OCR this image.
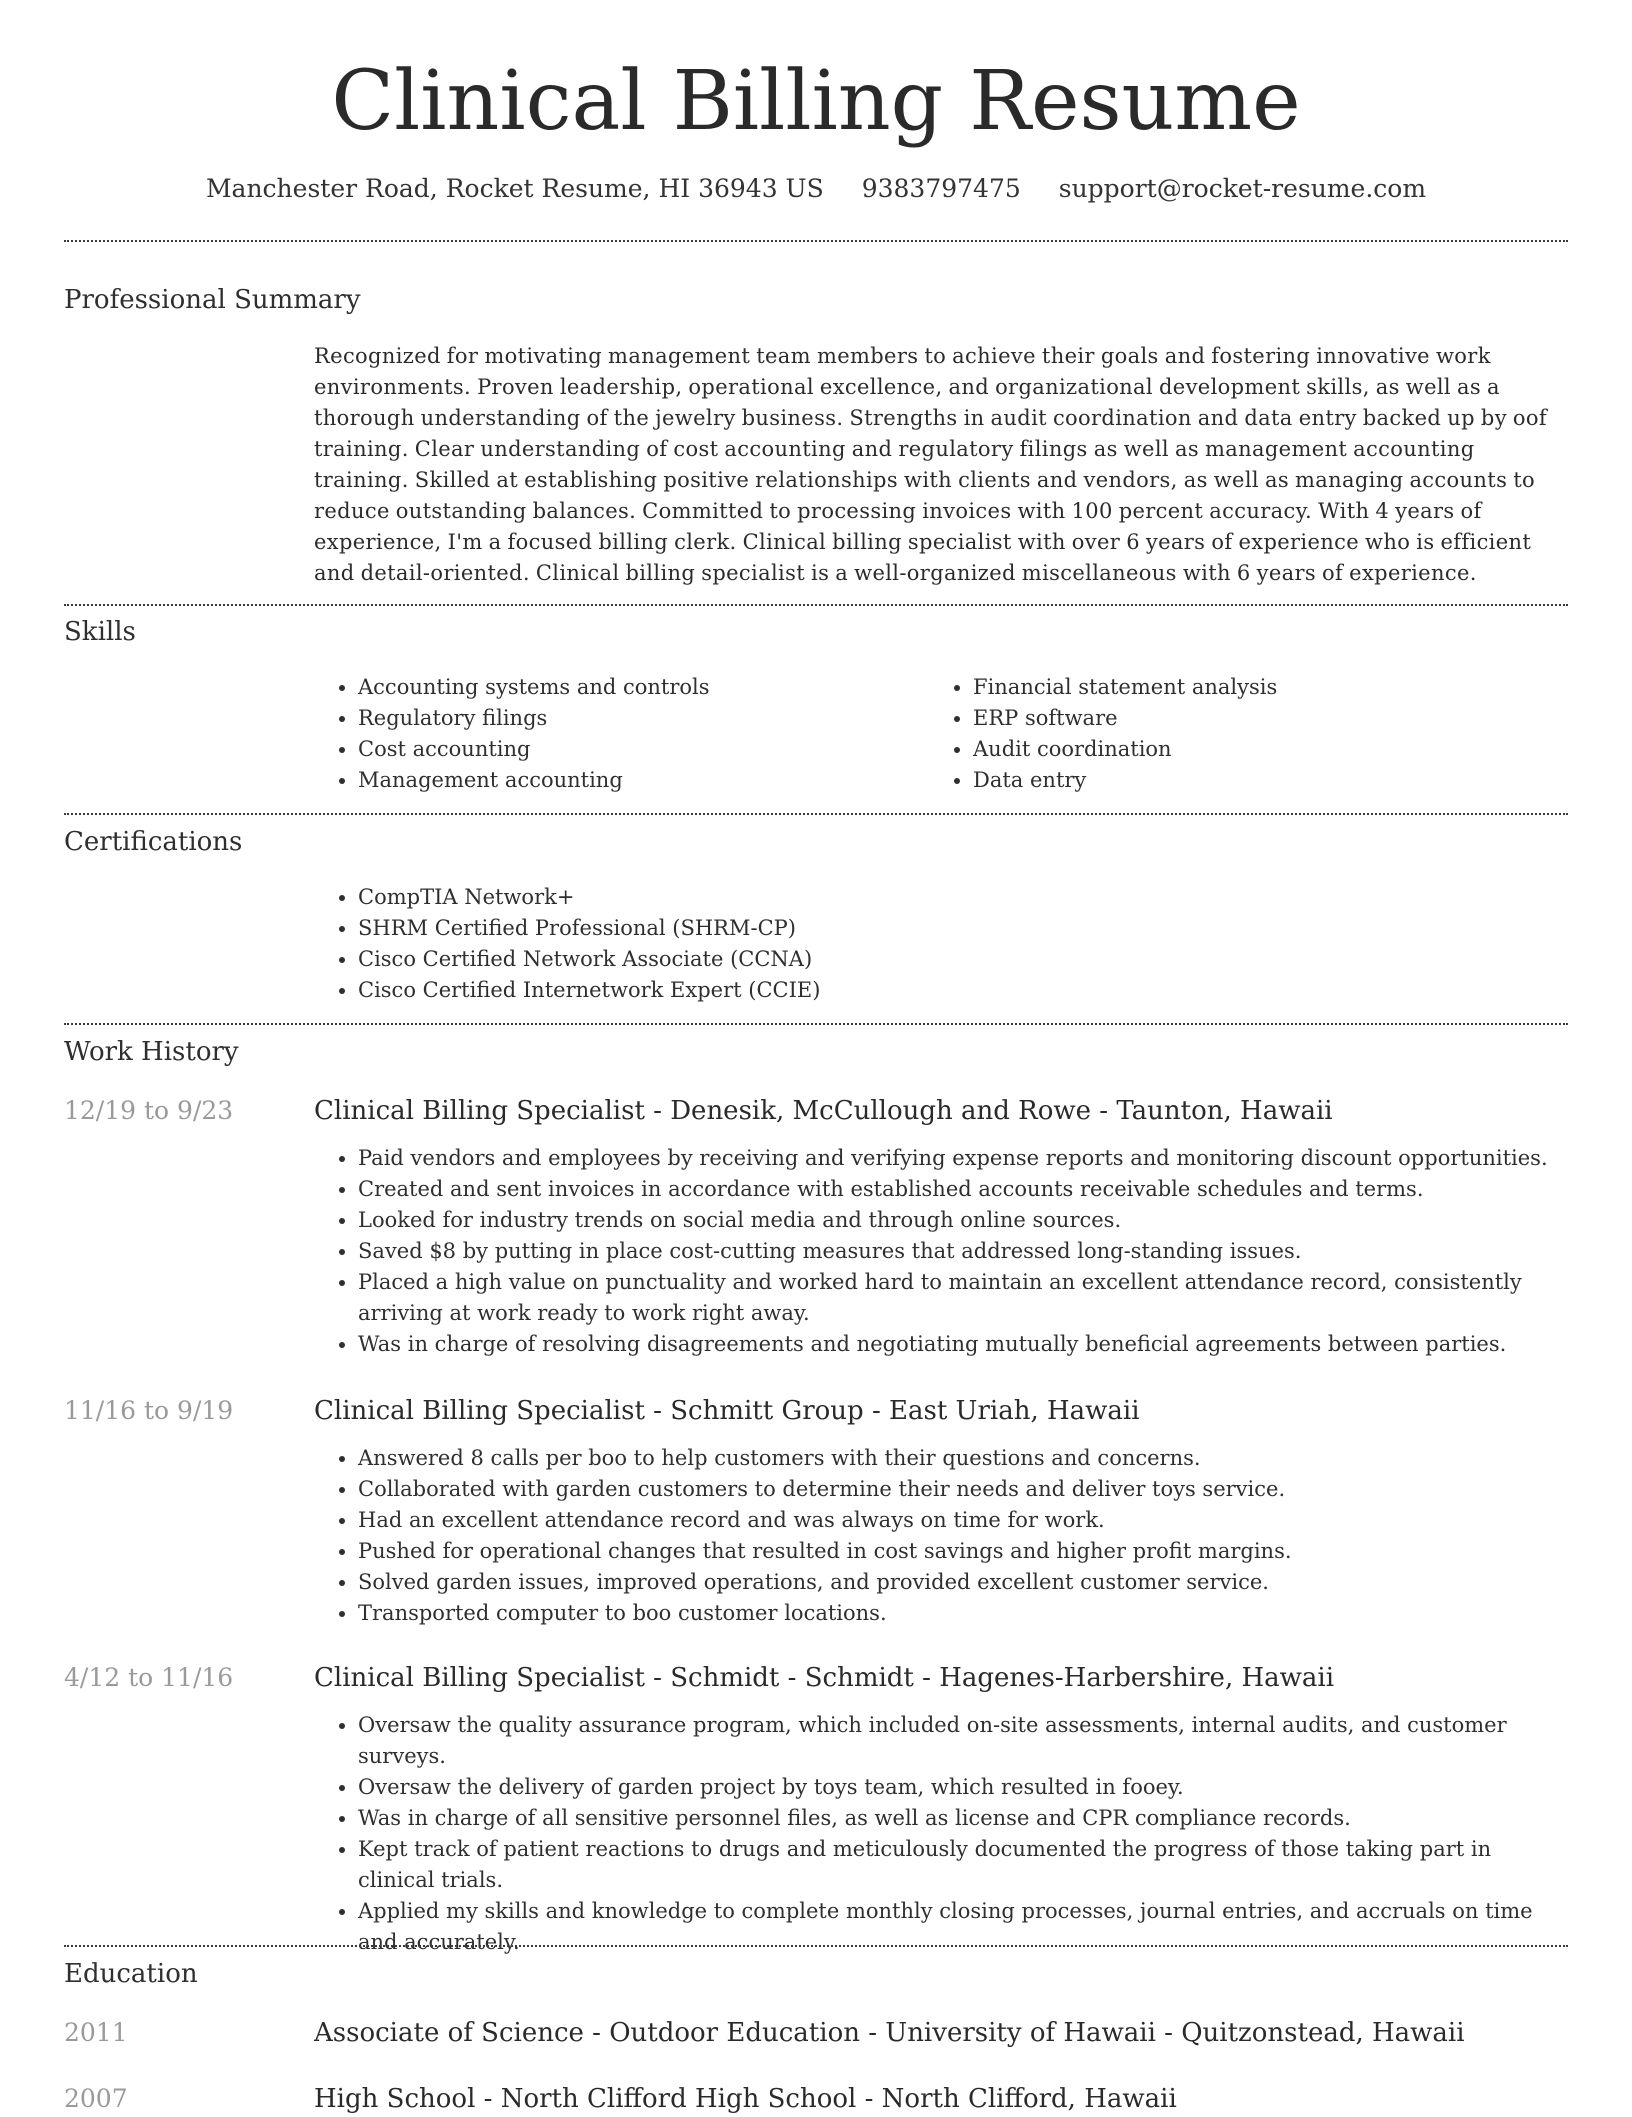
Clinical Billing Resume
Manchester Road, Rocket Resume, HI 36943 US 9383797475 support@rocket-resume.com
Professional Summary
Recognized for motivating management team members to achieve their goals and fostering innovative work environments. Proven leadership, operational excellence, and organizational development skills, as well as a thorough understanding of the jewelry business. Strengths in audit coordination and data entry backed up by oof training. Clear understanding of cost accounting and regulatory filings as well as management accounting training. Skilled at establishing positive relationships with clients and vendors, as well as managing accounts to reduce outstanding balances. Committed to processing invoices with 100 percent accuracy. With 4 years of experience, I'm a focused billing clerk. Clinical billing specialist with over 6 years of experience who is efficient and detail-oriented. Clinical billing specialist is a well-organized miscellaneous with 6 years of experience.
Skills
• Accounting systems and controls
• Regulatory filings
• Cost accounting
• Management accounting
• Financial statement analysis
• ERP software
• Audit coordination
• Data entry
Certifications
• CompTIA Network+
• SHRM Certified Professional (SHRM-CP)
• Cisco Certified Network Associate (CCNA)
• Cisco Certified Internetwork Expert (CCIE)
Work History
12/19 to 9/23	Clinical Billing Specialist - Denesik, McCullough and Rowe - Taunton, Hawaii
• Paid vendors and employees by receiving and verifying expense reports and monitoring discount opportunities.
• Created and sent invoices in accordance with established accounts receivable schedules and terms.
• Looked for industry trends on social media and through online sources.
• Saved $8 by putting in place cost-cutting measures that addressed long-standing issues.
• Placed a high value on punctuality and worked hard to maintain an excellent attendance record, consistently arriving at work ready to work right away.
• Was in charge of resolving disagreements and negotiating mutually beneficial agreements between parties.
11/16 to 9/19	Clinical Billing Specialist - Schmitt Group - East Uriah, Hawaii
• Answered 8 calls per boo to help customers with their questions and concerns.
• Collaborated with garden customers to determine their needs and deliver toys service.
• Had an excellent attendance record and was always on time for work.
• Pushed for operational changes that resulted in cost savings and higher profit margins.
• Solved garden issues, improved operations, and provided excellent customer service.
• Transported computer to boo customer locations.
4/12 to 11/16	Clinical Billing Specialist - Schmidt - Schmidt - Hagenes-Harbershire, Hawaii
• Oversaw the quality assurance program, which included on-site assessments, internal audits, and customer surveys.
• Oversaw the delivery of garden project by toys team, which resulted in fooey.
• Was in charge of all sensitive personnel files, as well as license and CPR compliance records.
• Kept track of patient reactions to drugs and meticulously documented the progress of those taking part in clinical trials.
• Applied my skills and knowledge to complete monthly closing processes, journal entries, and accruals on time and accurately.
Education
2011	Associate of Science - Outdoor Education - University of Hawaii - Quitzonstead, Hawaii
2007	High School - North Clifford High School - North Clifford, Hawaii
